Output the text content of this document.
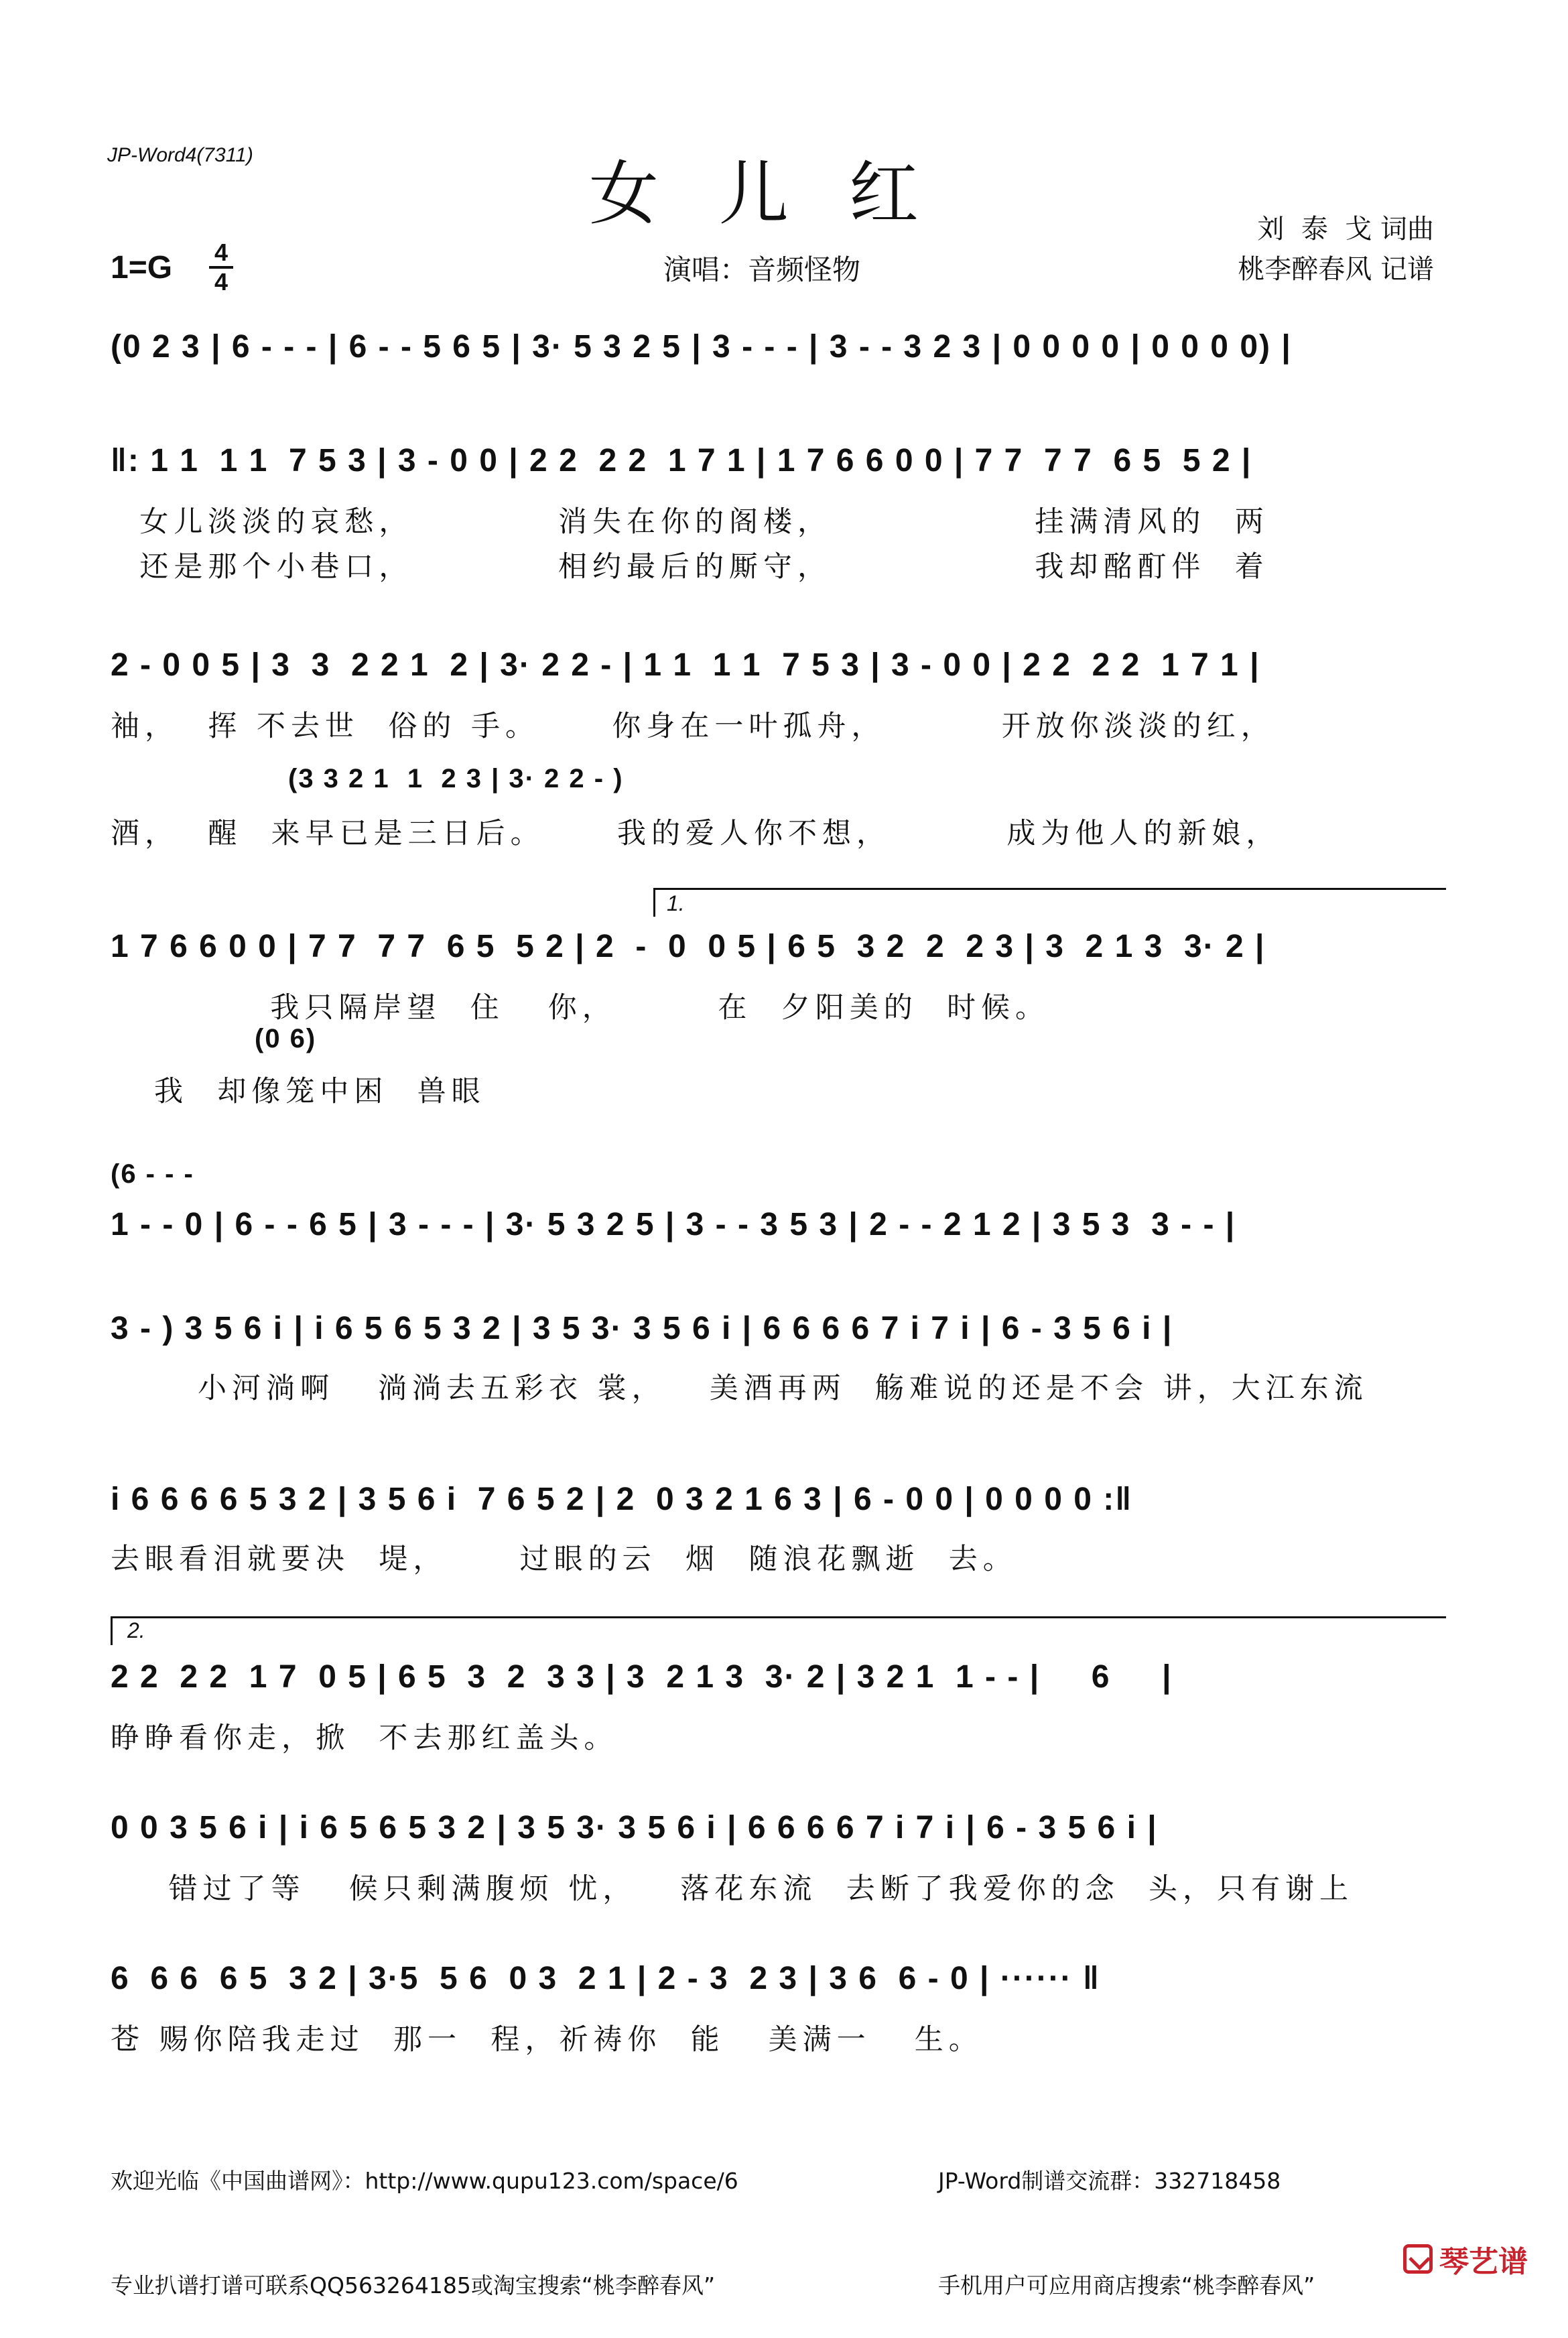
JP-Word4(7311)	女儿红
1=G 4
4	演唱：音频怪物
刘  泰  戈 词曲
桃李醉春风 记谱
(0 2 3 | 6 - - - | 6 - - 5 6 5 | 3· 5 3 2 5 | 3 - - - | 3 - - 3 2 3 | 0 0 0 0 | 0 0 0 0) |
‖: 1 1  1 1  7 5 3 | 3 - 0 0 | 2 2  2 2  1 7 1 | 1 7 6 6 0 0 | 7 7  7 7  6 5  5 2 |
女儿淡淡的哀愁，          消失在你的阁楼，              挂满清风的  两
还是那个小巷口，          相约最后的厮守，              我却酩酊伴  着
2 - 0 0 5 | 3  3  2 2 1  2 | 3· 2 2 - | 1 1  1 1  7 5 3 | 3 - 0 0 | 2 2  2 2  1 7 1 |
袖，  挥 不去世  俗的 手。     你身在一叶孤舟，        开放你淡淡的红，
(3 3 2 1  1  2 3 | 3· 2 2 - )
酒，  醒  来早已是三日后。     我的爱人你不想，        成为他人的新娘，
1.
1 7 6 6 0 0 | 7 7  7 7  6 5  5 2 | 2  -  0  0 5 | 6 5  3 2  2  2 3 | 3  2 1 3  3· 2 |
我只隔岸望  住   你，       在  夕阳美的  时候。
(0 6)
我  却像笼中困  兽眼
(6 - - -
1 - - 0 | 6 - - 6 5 | 3 - - - | 3· 5 3 2 5 | 3 - - 3 5 3 | 2 - - 2 1 2 | 3 5 3  3 - - |
3 - ) 3 5 6 i | i 6 5 6 5 3 2 | 3 5 3· 3 5 6 i | 6 6 6 6 7 i 7 i | 6 - 3 5 6 i |
小河淌啊   淌淌去五彩衣 裳，   美酒再两  觞难说的还是不会 讲，大江东流
i 6 6 6 6 5 3 2 | 3 5 6 i  7 6 5 2 | 2  0 3 2 1 6 3 | 6 - 0 0 | 0 0 0 0 :‖
去眼看泪就要决  堤，     过眼的云  烟  随浪花飘逝  去。
2.
2 2  2 2  1 7  0 5 | 6 5  3  2  3 3 | 3  2 1 3  3· 2 | 3 2 1  1 - - |     6     |
睁睁看你走，掀  不去那红盖头。
0 0 3 5 6 i | i 6 5 6 5 3 2 | 3 5 3· 3 5 6 i | 6 6 6 6 7 i 7 i | 6 - 3 5 6 i |
错过了等   候只剩满腹烦 忧，   落花东流  去断了我爱你的念  头，只有谢上
6  6 6  6 5  3 2 | 3·5  5 6  0 3  2 1 | 2 - 3  2 3 | 3 6  6 - 0 | ······ ‖
苍 赐你陪我走过  那一  程，祈祷你  能   美满一   生。

欢迎光临《中国曲谱网》：http://www.qupu123.com/space/6

专业扒谱打谱可联系QQ563264185或淘宝搜索“桃李醉春风”

JP-Word制谱交流群：332718458

手机用户可应用商店搜索“桃李醉春风”

琴艺谱
